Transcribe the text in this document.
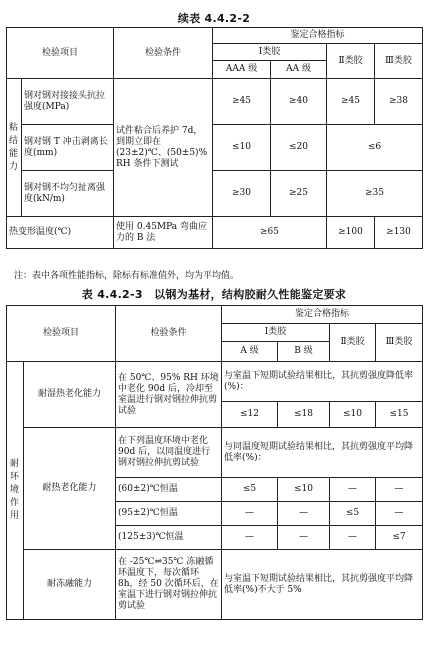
续表 4.4.2-2
检验项目		检验条件	鉴定合格指标			
			Ⅰ类胶		Ⅱ类胶	Ⅲ类胶
			AAA 级	AA 级		
粘结能力	钢对钢对接接头抗拉强度(MPa)	试件粘合后养护 7d，到期立即在(23±2)℃、(50±5)% RH 条件下测试	≥45	≥40	≥45	≥38
	钢对钢 T 冲击剥离长度(mm)		≤10	≤20	≤6	
	钢对钢不均匀扯离强度(kN/m)		≥30	≥25	≥35	
热变形温度(℃)		使用 0.45MPa 弯曲应力的 B 法	≥65		≥100	≥130
注：表中各项性能指标，除标有标准值外，均为平均值。
表 4.4.2-3　以钢为基材，结构胶耐久性能鉴定要求
检验项目		检验条件	鉴定合格指标			
			Ⅰ类胶		Ⅱ类胶	Ⅲ类胶
			A 级	B 级		
耐环境作用	耐湿热老化能力	在 50℃、95% RH 环境中老化 90d 后，冷却至室温进行钢对钢拉伸抗剪试验	与室温下短期试验结果相比，其抗剪强度降低率(%)：			
			≤12	≤18	≤10	≤15
	耐热老化能力	在下列温度环境中老化 90d 后，以同温度进行钢对钢拉伸抗剪试验	与同温度短期试验结果相比，其抗剪强度平均降低率(%)：			
		(60±2)℃恒温	≤5	≤10	—	—
		(95±2)℃恒温	—	—	≤5	—
		(125±3)℃恒温	—	—	—	≤7
	耐冻融能力	在 -25℃⇌35℃ 冻融循环温度下，每次循环 8h，经 50 次循环后，在室温下进行钢对钢拉伸抗剪试验	与室温下短期试验结果相比，其抗剪强度平均降低率(%)不大于 5%			
